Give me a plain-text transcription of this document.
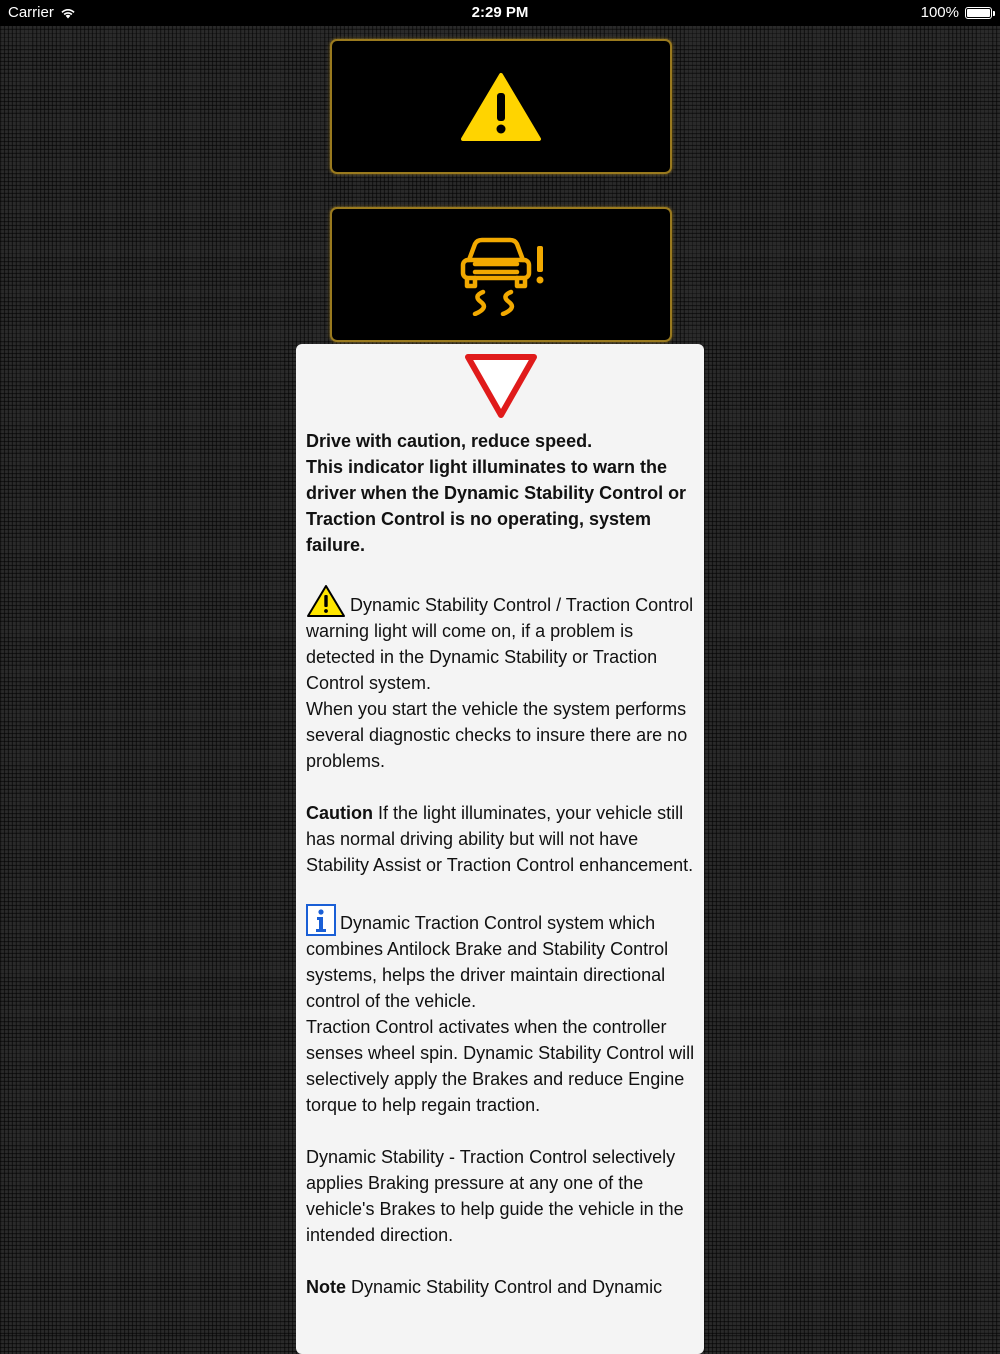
Carrier	2:29 PM	100%

Drive with caution, reduce speed.
This indicator light illuminates to warn the driver when the Dynamic Stability Control or Traction Control is no operating, system failure.

Dynamic Stability Control / Traction Control warning light will come on, if a problem is detected in the Dynamic Stability or Traction Control system.
When you start the vehicle the system performs several diagnostic checks to insure there are no problems.

Caution If the light illuminates, your vehicle still has normal driving ability but will not have Stability Assist or Traction Control enhancement.

Dynamic Traction Control system which combines Antilock Brake and Stability Control systems, helps the driver maintain directional control of the vehicle.
Traction Control activates when the controller senses wheel spin. Dynamic Stability Control will selectively apply the Brakes and reduce Engine torque to help regain traction.

Dynamic Stability - Traction Control selectively applies Braking pressure at any one of the vehicle's Brakes to help guide the vehicle in the intended direction.

Note Dynamic Stability Control and Dynamic
